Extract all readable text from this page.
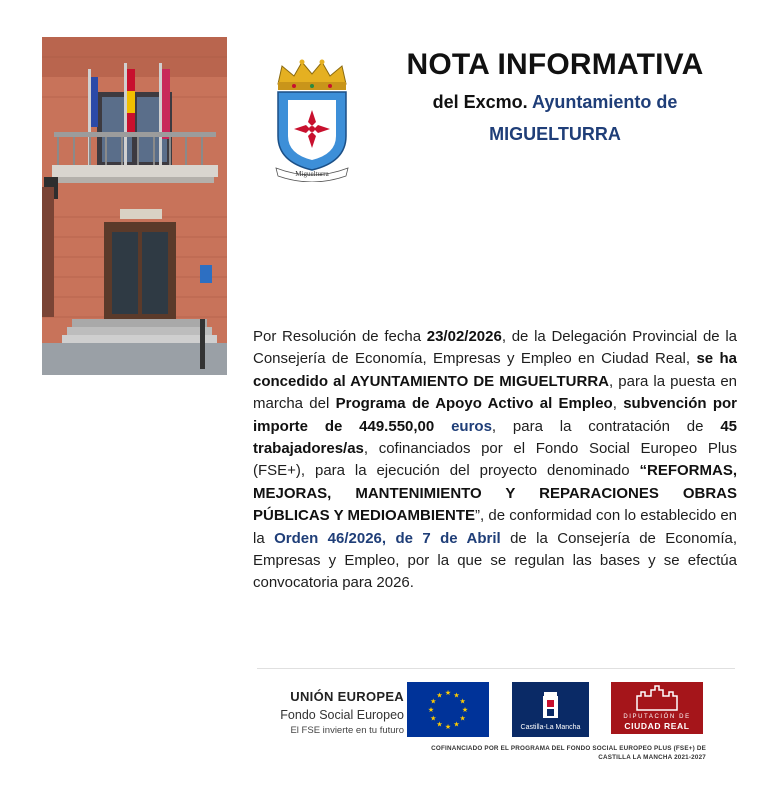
Miguelturra
NOTA INFORMATIVA
del Excmo. Ayuntamiento de
MIGUELTURRA
Por Resolución de fecha 23/02/2026, de la Delegación Provincial de la Consejería de Economía, Empresas y Empleo en Ciudad Real, se ha concedido al AYUNTAMIENTO DE MIGUELTURRA, para la puesta en marcha del Programa de Apoyo Activo al Empleo, subvención por importe de 449.550,00 euros, para la contratación de 45 trabajadores/as, cofinanciados por el Fondo Social Europeo Plus (FSE+), para la ejecución del proyecto denominado “REFORMAS, MEJORAS, MANTENIMIENTO Y REPARACIONES OBRAS PÚBLICAS Y MEDIOAMBIENTE”, de conformidad con lo establecido en la Orden 46/2026, de 7 de Abril de la Consejería de Economía, Empresas y Empleo, por la que se regulan las bases y se efectúa convocatoria para 2026.
UNIÓN EUROPEA
Fondo Social Europeo
El FSE invierte en tu futuro
★ ★
★
★
★
★
★
★
★
★
★
★
Castilla-La Mancha
DIPUTACIÓN DE
CIUDAD REAL
COFINANCIADO POR EL PROGRAMA DEL FONDO SOCIAL EUROPEO PLUS (FSE+) DE
CASTILLA LA MANCHA 2021-2027
